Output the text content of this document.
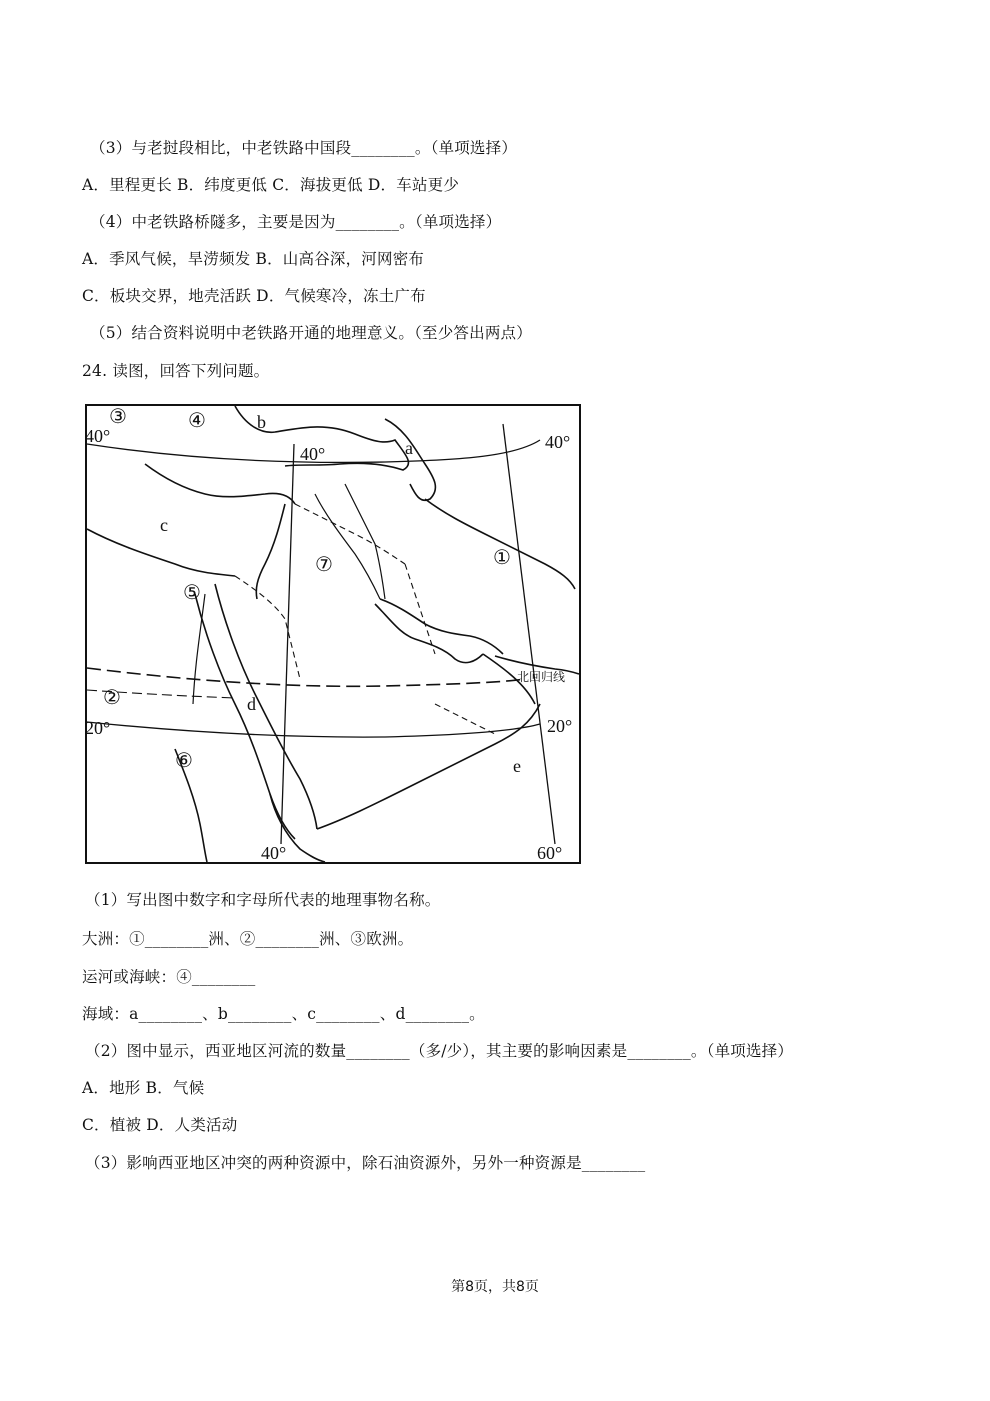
（3）与老挝段相比，中老铁路中国段________。（单项选择）
A．里程更长 B．纬度更低 C．海拔更低 D．车站更少
（4）中老铁路桥隧多，主要是因为________。（单项选择）
A．季风气候，旱涝频发 B．山高谷深，河网密布
C．板块交界，地壳活跃 D．气候寒冷，冻土广布
（5）结合资料说明中老铁路开通的地理意义。（至少答出两点）
24. 读图，回答下列问题。
40°
40°
40°
20°	20°
40°	60°
北回归线
a
b
c
d
e
③	④
①
②
⑤
⑥
⑦
（1）写出图中数字和字母所代表的地理事物名称。
大洲：①________洲、②________洲、③欧洲。
运河或海峡：④________
海域：a________、b________、c________、d________。
（2）图中显示，西亚地区河流的数量________（多/少），其主要的影响因素是________。（单项选择）
A．地形 B．气候
C．植被 D．人类活动
（3）影响西亚地区冲突的两种资源中，除石油资源外，另外一种资源是________
第8页，共8页
